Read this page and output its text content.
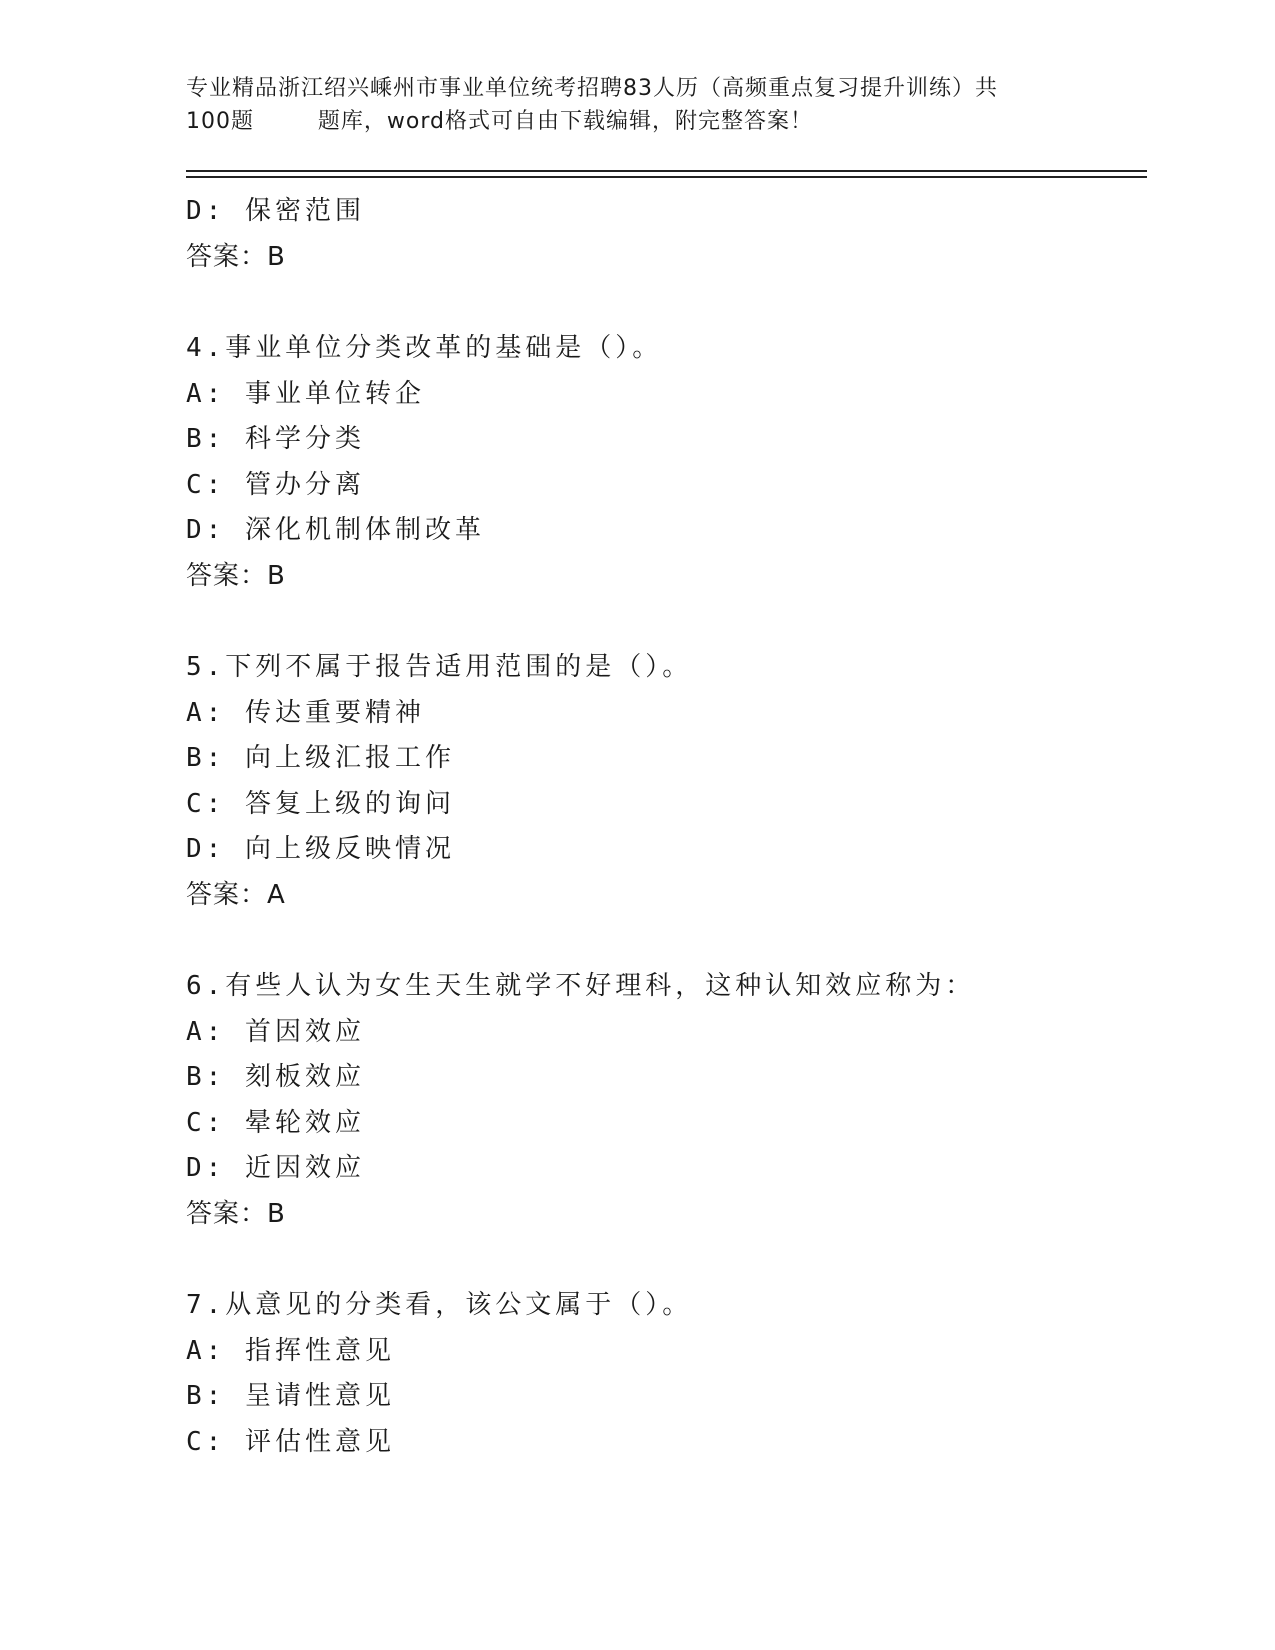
专业精品浙江绍兴嵊州市事业单位统考招聘83人历（高频重点复习提升训练）共
100题        题库，word格式可自由下载编辑，附完整答案！
D: 保密范围
答案：B
4.事业单位分类改革的基础是（）。
A: 事业单位转企
B: 科学分类
C: 管办分离
D: 深化机制体制改革
答案：B
5.下列不属于报告适用范围的是（）。
A: 传达重要精神
B: 向上级汇报工作
C: 答复上级的询问
D: 向上级反映情况
答案：A
6.有些人认为女生天生就学不好理科，这种认知效应称为：
A: 首因效应
B: 刻板效应
C: 晕轮效应
D: 近因效应
答案：B
7.从意见的分类看，该公文属于（）。
A: 指挥性意见
B: 呈请性意见
C: 评估性意见
